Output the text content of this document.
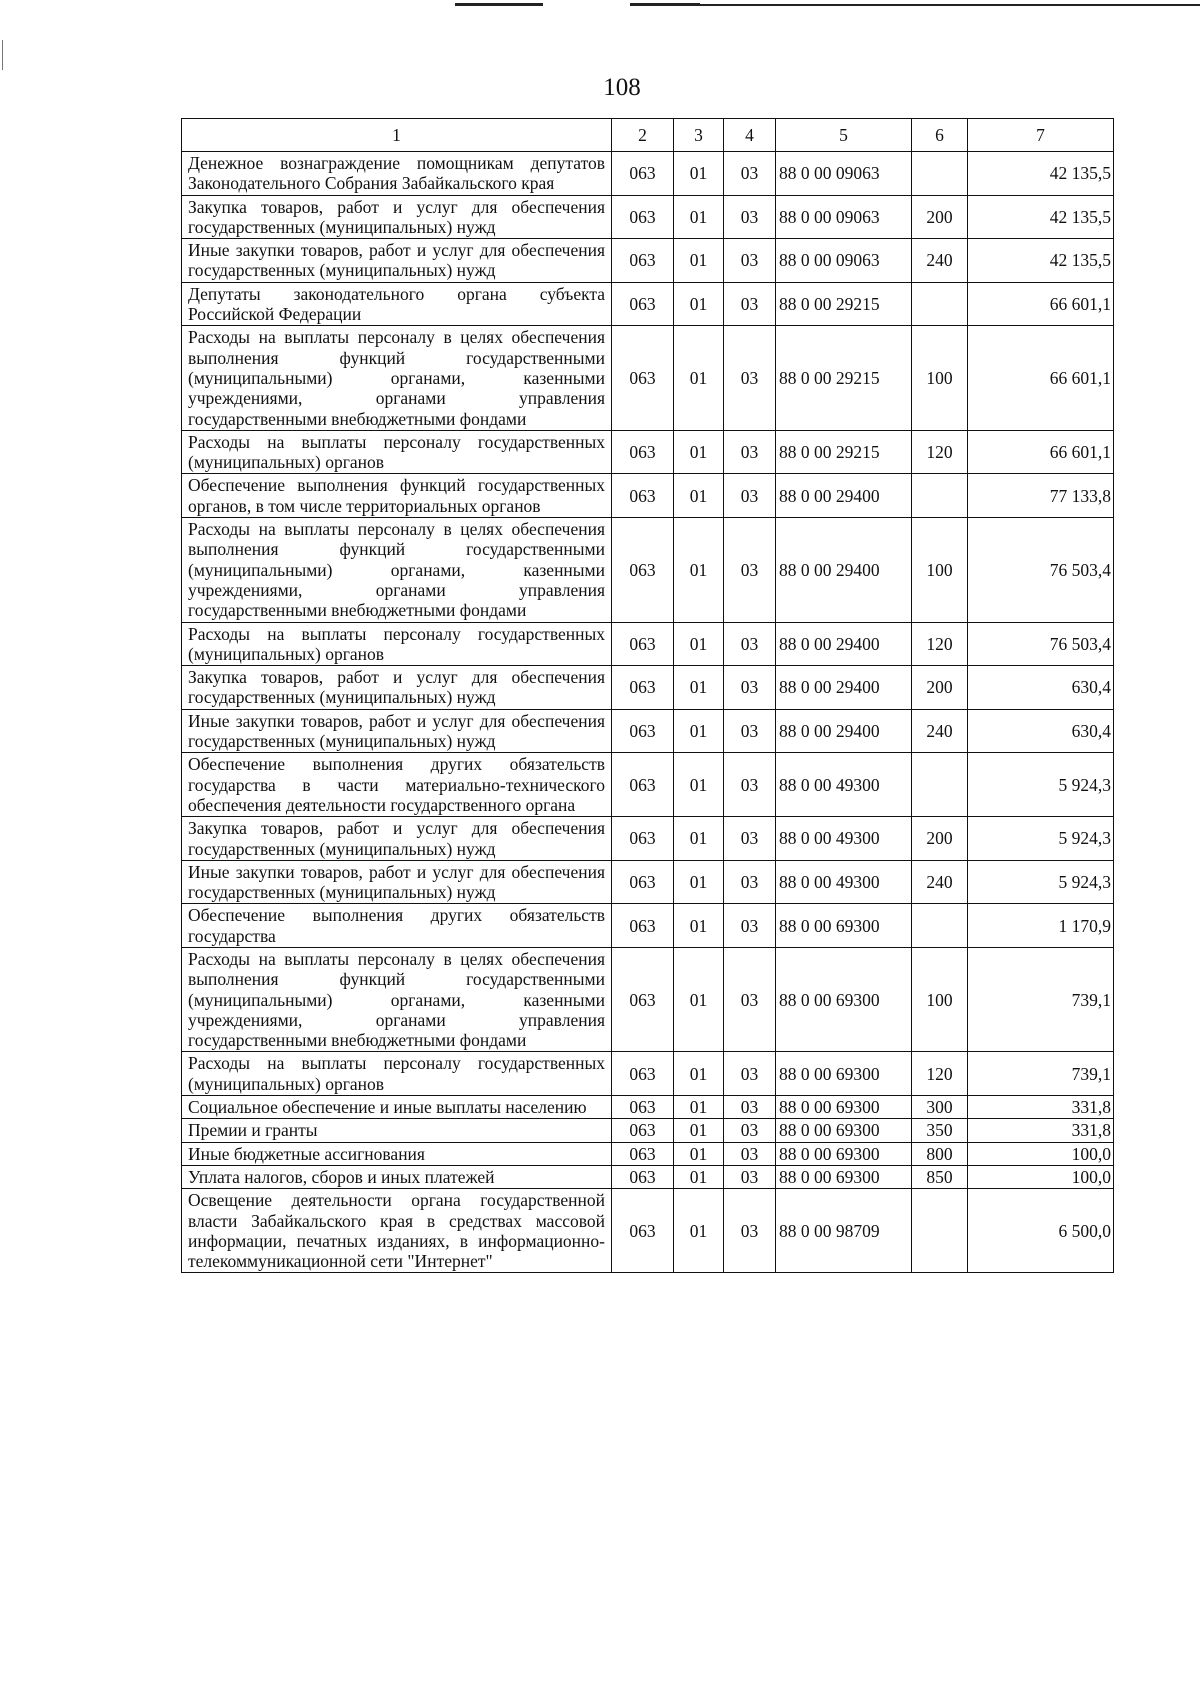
108
1	2	3	4	5	6	7
Денежное вознаграждение помощникам депутатов Законодательного Собрания Забайкальского края	063	01	03	88 0 00 09063		42 135,5
Закупка товаров, работ и услуг для обеспечения государственных (муниципальных) нужд	063	01	03	88 0 00 09063	200	42 135,5
Иные закупки товаров, работ и услуг для обеспечения государственных (муниципальных) нужд	063	01	03	88 0 00 09063	240	42 135,5
Депутаты законодательного органа субъекта Российской Федерации	063	01	03	88 0 00 29215		66 601,1
Расходы на выплаты персоналу в целях обеспечения выполнения функций государственными (муниципальными) органами, казенными учреждениями, органами управления государственными внебюджетными фондами	063	01	03	88 0 00 29215	100	66 601,1
Расходы на выплаты персоналу государственных (муниципальных) органов	063	01	03	88 0 00 29215	120	66 601,1
Обеспечение выполнения функций государственных органов, в том числе территориальных органов	063	01	03	88 0 00 29400		77 133,8
Расходы на выплаты персоналу в целях обеспечения выполнения функций государственными (муниципальными) органами, казенными учреждениями, органами управления государственными внебюджетными фондами	063	01	03	88 0 00 29400	100	76 503,4
Расходы на выплаты персоналу государственных (муниципальных) органов	063	01	03	88 0 00 29400	120	76 503,4
Закупка товаров, работ и услуг для обеспечения государственных (муниципальных) нужд	063	01	03	88 0 00 29400	200	630,4
Иные закупки товаров, работ и услуг для обеспечения государственных (муниципальных) нужд	063	01	03	88 0 00 29400	240	630,4
Обеспечение выполнения других обязательств государства в части материально-технического обеспечения деятельности государственного органа	063	01	03	88 0 00 49300		5 924,3
Закупка товаров, работ и услуг для обеспечения государственных (муниципальных) нужд	063	01	03	88 0 00 49300	200	5 924,3
Иные закупки товаров, работ и услуг для обеспечения государственных (муниципальных) нужд	063	01	03	88 0 00 49300	240	5 924,3
Обеспечение выполнения других обязательств государства	063	01	03	88 0 00 69300		1 170,9
Расходы на выплаты персоналу в целях обеспечения выполнения функций государственными (муниципальными) органами, казенными учреждениями, органами управления государственными внебюджетными фондами	063	01	03	88 0 00 69300	100	739,1
Расходы на выплаты персоналу государственных (муниципальных) органов	063	01	03	88 0 00 69300	120	739,1
Социальное обеспечение и иные выплаты населению	063	01	03	88 0 00 69300	300	331,8
Премии и гранты	063	01	03	88 0 00 69300	350	331,8
Иные бюджетные ассигнования	063	01	03	88 0 00 69300	800	100,0
Уплата налогов, сборов и иных платежей	063	01	03	88 0 00 69300	850	100,0
Освещение деятельности органа государственной власти Забайкальского края в средствах массовой информации, печатных изданиях, в информационно-телекоммуникационной сети "Интернет"	063	01	03	88 0 00 98709		6 500,0
